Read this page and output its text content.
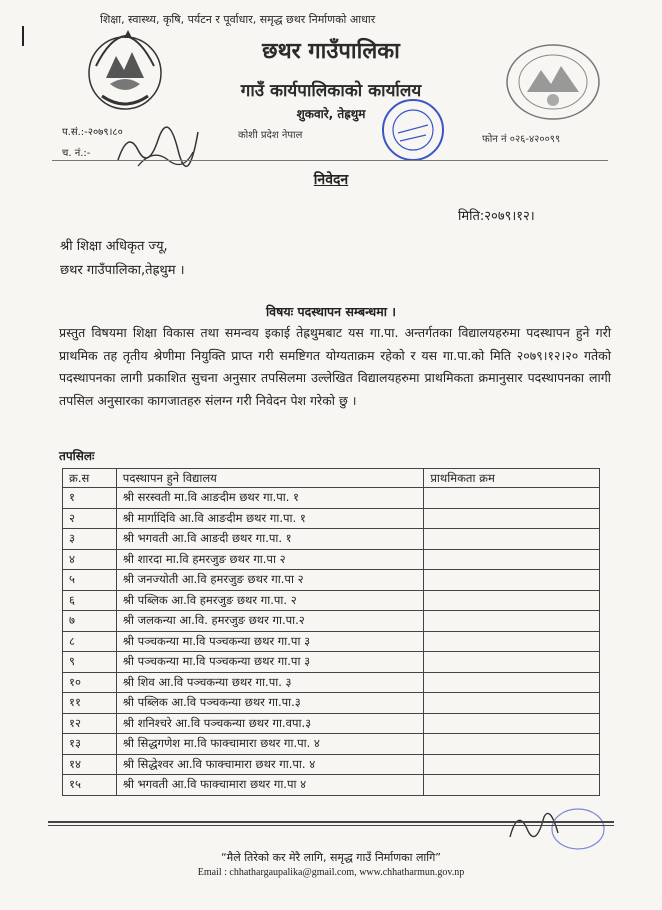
शिक्षा, स्वास्थ्य, कृषि, पर्यटन र पूर्वाधार, समृद्ध छथर निर्माणको आधार
छथर गाउँपालिका
गाउँ कार्यपालिकाको कार्यालय
शुकवारे, तेह्रथुम
कोशी प्रदेश नेपाल	फोन नं ०२६-४२००९९
प.सं.:-२०७९।८०
च. नं.:-
निवेदन
मिति:२०७९।१२।
श्री शिक्षा अधिकृत ज्यू,
छथर गाउँपालिका,तेह्रथुम ।
विषयः पदस्थापन सम्बन्धमा ।
प्रस्तुत विषयमा शिक्षा विकास तथा समन्वय इकाई तेह्रथुमबाट यस गा.पा. अन्तर्गतका विद्यालयहरुमा पदस्थापन हुने गरी प्राथमिक तह तृतीय श्रेणीमा नियुक्ति प्राप्त गरी समष्टिगत योग्यताक्रम रहेको र यस गा.पा.को मिति २०७९।१२।२० गतेको पदस्थापनका लागी प्रकाशित सुचना अनुसार तपसिलमा उल्लेखित विद्यालयहरुमा प्राथमिकता क्रमानुसार पदस्थापनका लागी तपसिल अनुसारका कागजातहरु संलग्न गरी निवेदन पेश गरेको छु ।
तपसिलः
क्र.स	पदस्थापन हुने विद्यालय	प्राथमिकता क्रम
१	श्री सरस्वती मा.वि आङदीम छथर गा.पा. १	
२	श्री मार्गादिवि आ.वि आङदीम छथर गा.पा. १	
३	श्री भगवती आ.वि आङदी छथर गा.पा. १	
४	श्री शारदा मा.वि हमरजुङ छथर गा.पा २	
५	श्री जनज्योती आ.वि हमरजुङ छथर गा.पा २	
६	श्री पब्लिक आ.वि हमरजुङ छथर गा.पा. २	
७	श्री जलकन्या आ.वि. हमरजुङ छथर गा.पा.२	
८	श्री पञ्चकन्या मा.वि पञ्चकन्या छथर गा.पा ३	
९	श्री पञ्चकन्या मा.वि पञ्चकन्या छथर गा.पा ३	
१०	श्री शिव आ.वि पञ्चकन्या छथर गा.पा. ३	
११	श्री पब्लिक आ.वि पञ्चकन्या छथर गा.पा.३	
१२	श्री शनिश्चरे आ.वि पञ्चकन्या छथर गा.वपा.३	
१३	श्री सिद्धगणेश मा.वि फाक्चामारा छथर गा.पा. ४	
१४	श्री सिद्धेश्वर आ.वि फाक्चामारा छथर गा.पा. ४	
१५	श्री भगवती आ.वि फाक्चामारा छथर गा.पा ४	
“मैले तिरेको कर मेरै लागि, समृद्ध गाउँ निर्माणका लागि”
Email : chhathargaupalika@gmail.com, www.chhatharmun.gov.np
